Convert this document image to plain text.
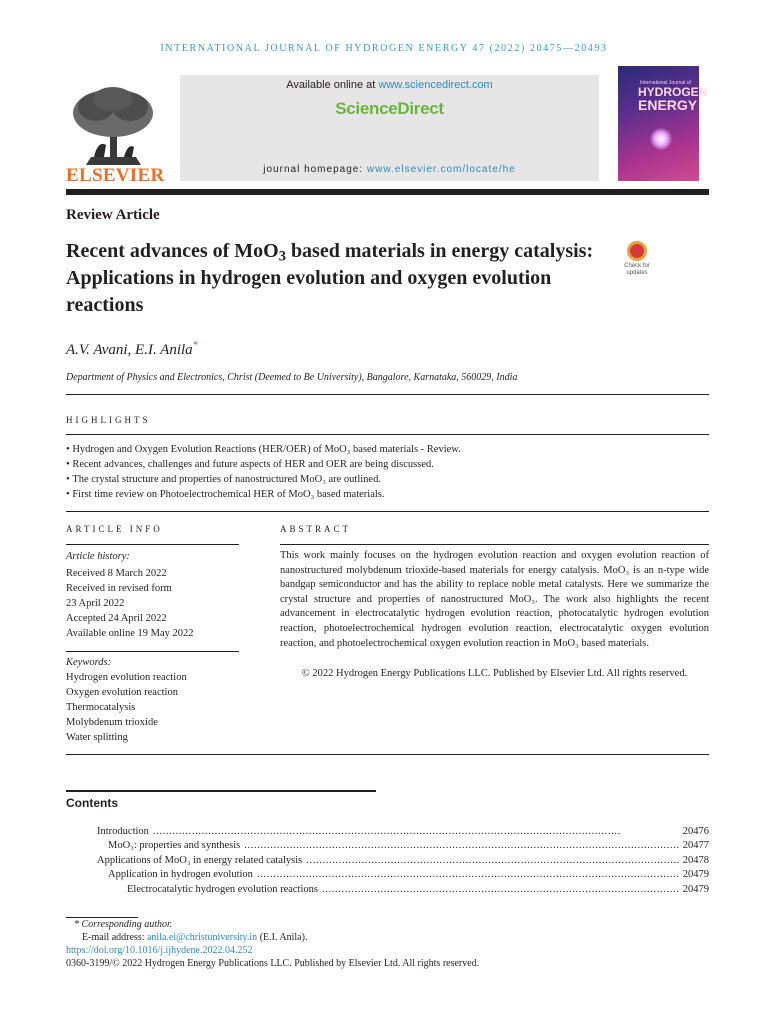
INTERNATIONAL JOURNAL OF HYDROGEN ENERGY 47 (2022) 20475—20493
ELSEVIER
Available online at www.sciencedirect.com
ScienceDirect
journal homepage: www.elsevier.com/locate/he
International Journal of
HYDROGEN
ENERGY
Review Article
Recent advances of MoO$_3$ based materials in energy catalysis: Applications in hydrogen evolution and oxygen evolution reactions
Check for updates
A.V. Avani, E.I. Anila*
Department of Physics and Electronics, Christ (Deemed to Be University), Bangalore, Karnataka, 560029, India
HIGHLIGHTS
• Hydrogen and Oxygen Evolution Reactions (HER/OER) of MoO₃ based materials - Review.
• Recent advances, challenges and future aspects of HER and OER are being discussed.
• The crystal structure and properties of nanostructured MoO₃ are outlined.
• First time review on Photoelectrochemical HER of MoO₃ based materials.
ARTICLE INFO	ABSTRACT
Article history:
Received 8 March 2022
Received in revised form
23 April 2022
Accepted 24 April 2022
Available online 19 May 2022
Keywords:
Hydrogen evolution reaction
Oxygen evolution reaction
Thermocatalysis
Molybdenum trioxide
Water splitting
This work mainly focuses on the hydrogen evolution reaction and oxygen evolution reaction of nanostructured molybdenum trioxide-based materials for energy catalysis. MoO₃ is an n-type wide bandgap semiconductor and has the ability to replace noble metal catalysts. Here we summarize the crystal structure and properties of nanostructured MoO₃. The work also highlights the recent advancement in electrocatalytic hydrogen evolution reaction, photocatalytic hydrogen evolution reaction, photoelectrochemical hydrogen evolution reaction, electrocatalytic oxygen evolution reaction, and photoelectrochemical oxygen evolution reaction in MoO₃ based materials.
© 2022 Hydrogen Energy Publications LLC. Published by Elsevier Ltd. All rights reserved.
Contents
Introduction . . .	20476
MoO₃: properties and synthesis . . .	20477
Applications of MoO₃ in energy related catalysis . . .	20478
Application in hydrogen evolution . . .	20479
Electrocatalytic hydrogen evolution reactions . . .	20479
* Corresponding author.
E-mail address: anila.ei@christuniversity.in (E.I. Anila).
https://doi.org/10.1016/j.ijhydene.2022.04.252
0360-3199/© 2022 Hydrogen Energy Publications LLC. Published by Elsevier Ltd. All rights reserved.
